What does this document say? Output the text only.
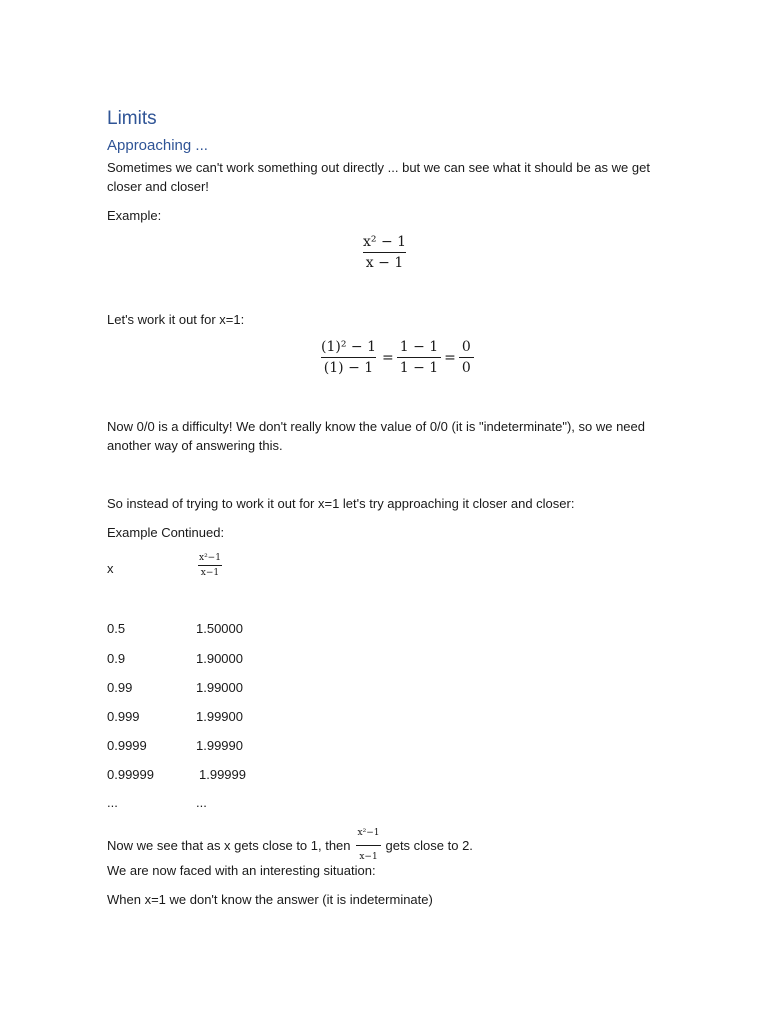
Limits
Approaching ...
Sometimes we can't work something out directly ... but we can see what it should be as we get
closer and closer!
Example:
$\frac{\text{x² − 1}}{x - 1}$
Let's work it out for x=1:
$\frac{\text{(1)² − 1}}{(1) - 1} = \frac{1 - 1}{1 - 1} = \frac{0}{0}$
Now 0/0 is a difficulty! We don't really know the value of 0/0 (it is "indeterminate"), so we need
another way of answering this.
So instead of trying to work it out for x=1 let's try approaching it closer and closer:
Example Continued:
x	$\frac{\text{x²−1}}{x-1}$
0.5	1.50000
0.9	1.90000
0.99	1.99000
0.999	1.99900
0.9999	1.99990
0.99999	1.99999
...	...
Now we see that as x gets close to 1, then $\frac{\text{x²−1}}{x-1}$ gets close to 2.
We are now faced with an interesting situation:
When x=1 we don't know the answer (it is indeterminate)
